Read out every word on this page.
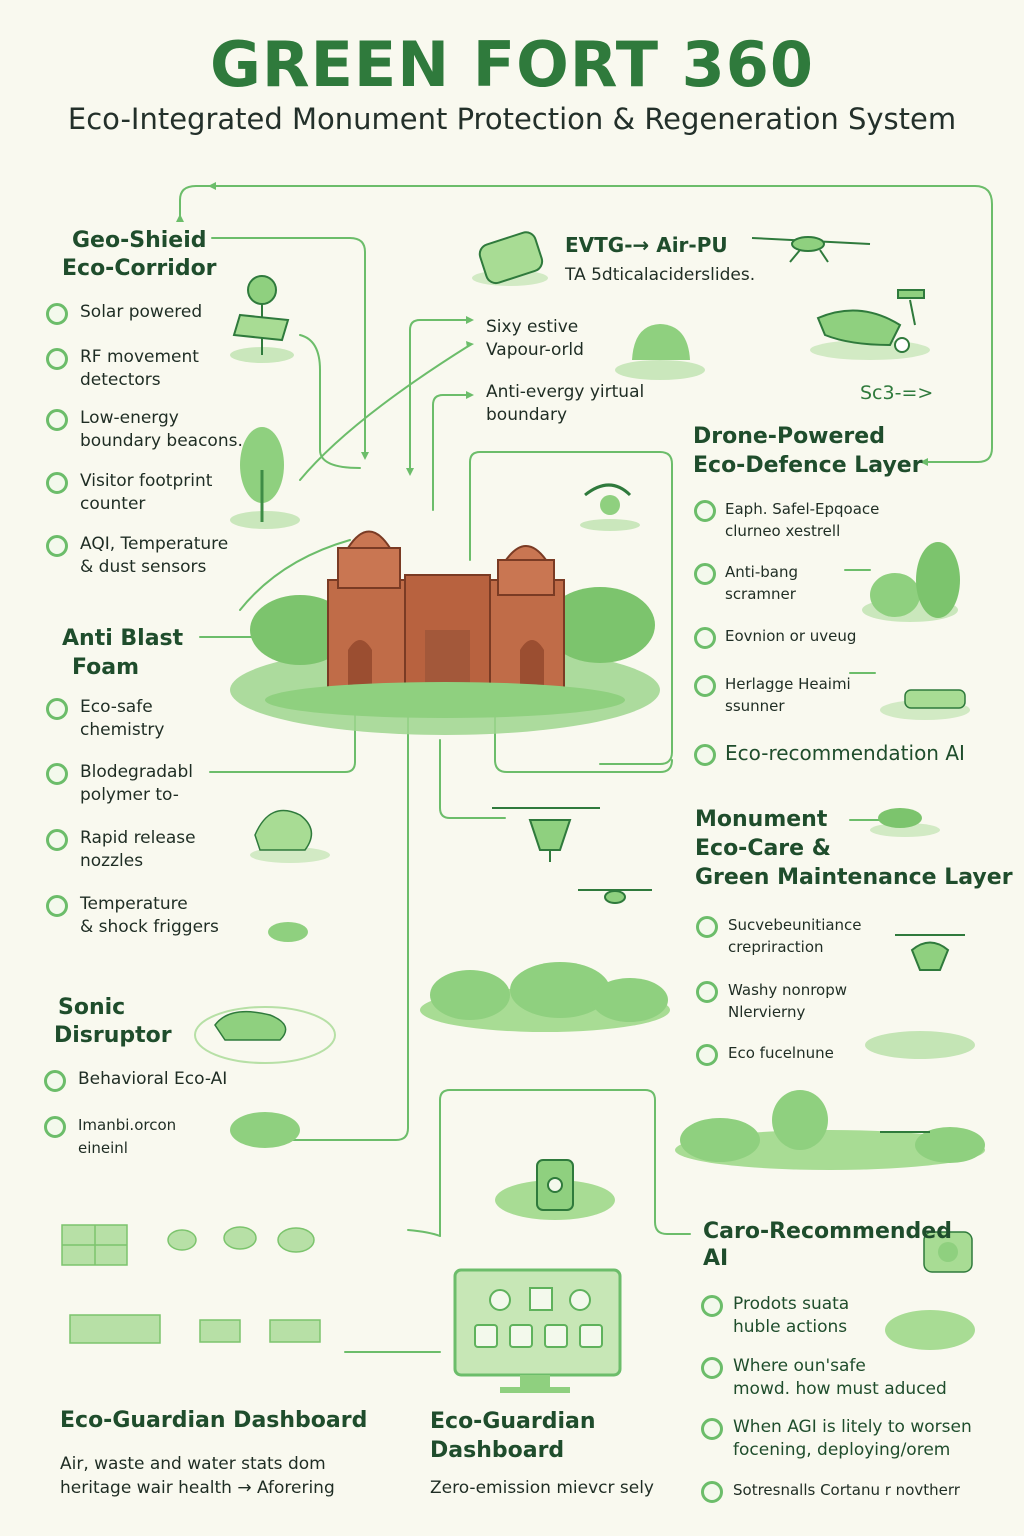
GREEN FORT 360
Eco-Integrated Monument Protection & Regeneration System
Geo-Shieid
Eco-Corridor
Solar powered
RF movement
detectors
Low-energy
boundary beacons.
Visitor footprint
counter
AQI, Temperature
& dust sensors
EVTG-→ Air-PU
TA 5dticalaciderslides.
Sixy estive
Vapour-orld
Anti-evergy yirtual
boundary
Sc3-=>
Drone-Powered
Eco-Defence Layer
Eaph. Safel-Epqoace
clurneo xestrell
Anti-bang
scramner
Eovnion or uveug
Herlagge Heaimi
ssunner
Eco-recommendation AI
Anti Blast
Foam
Eco-safe
chemistry
Blodegradabl
polymer to-
Rapid release
nozzles
Temperature
& shock friggers
Monument
Eco-Care &
Green Maintenance Layer
Sucvebeunitiance
crepriraction
Washy nonropw
Nlervierny
Eco fucelnune
Sonic
Disruptor
Behavioral Eco-AI
Imanbi.orcon
eineinl
Caro-Recommended
AI
Prodots suata
huble actions
Where oun'safe
mowd. how must aduced
When AGI is litely to worsen
focening, deploying/orem
Sotresnalls Cortanu r novtherr
Eco-Guardian Dashboard
Air, waste and water stats dom
heritage wair health → Aforering
Eco-Guardian
Dashboard
Zero-emission mievcr sely
